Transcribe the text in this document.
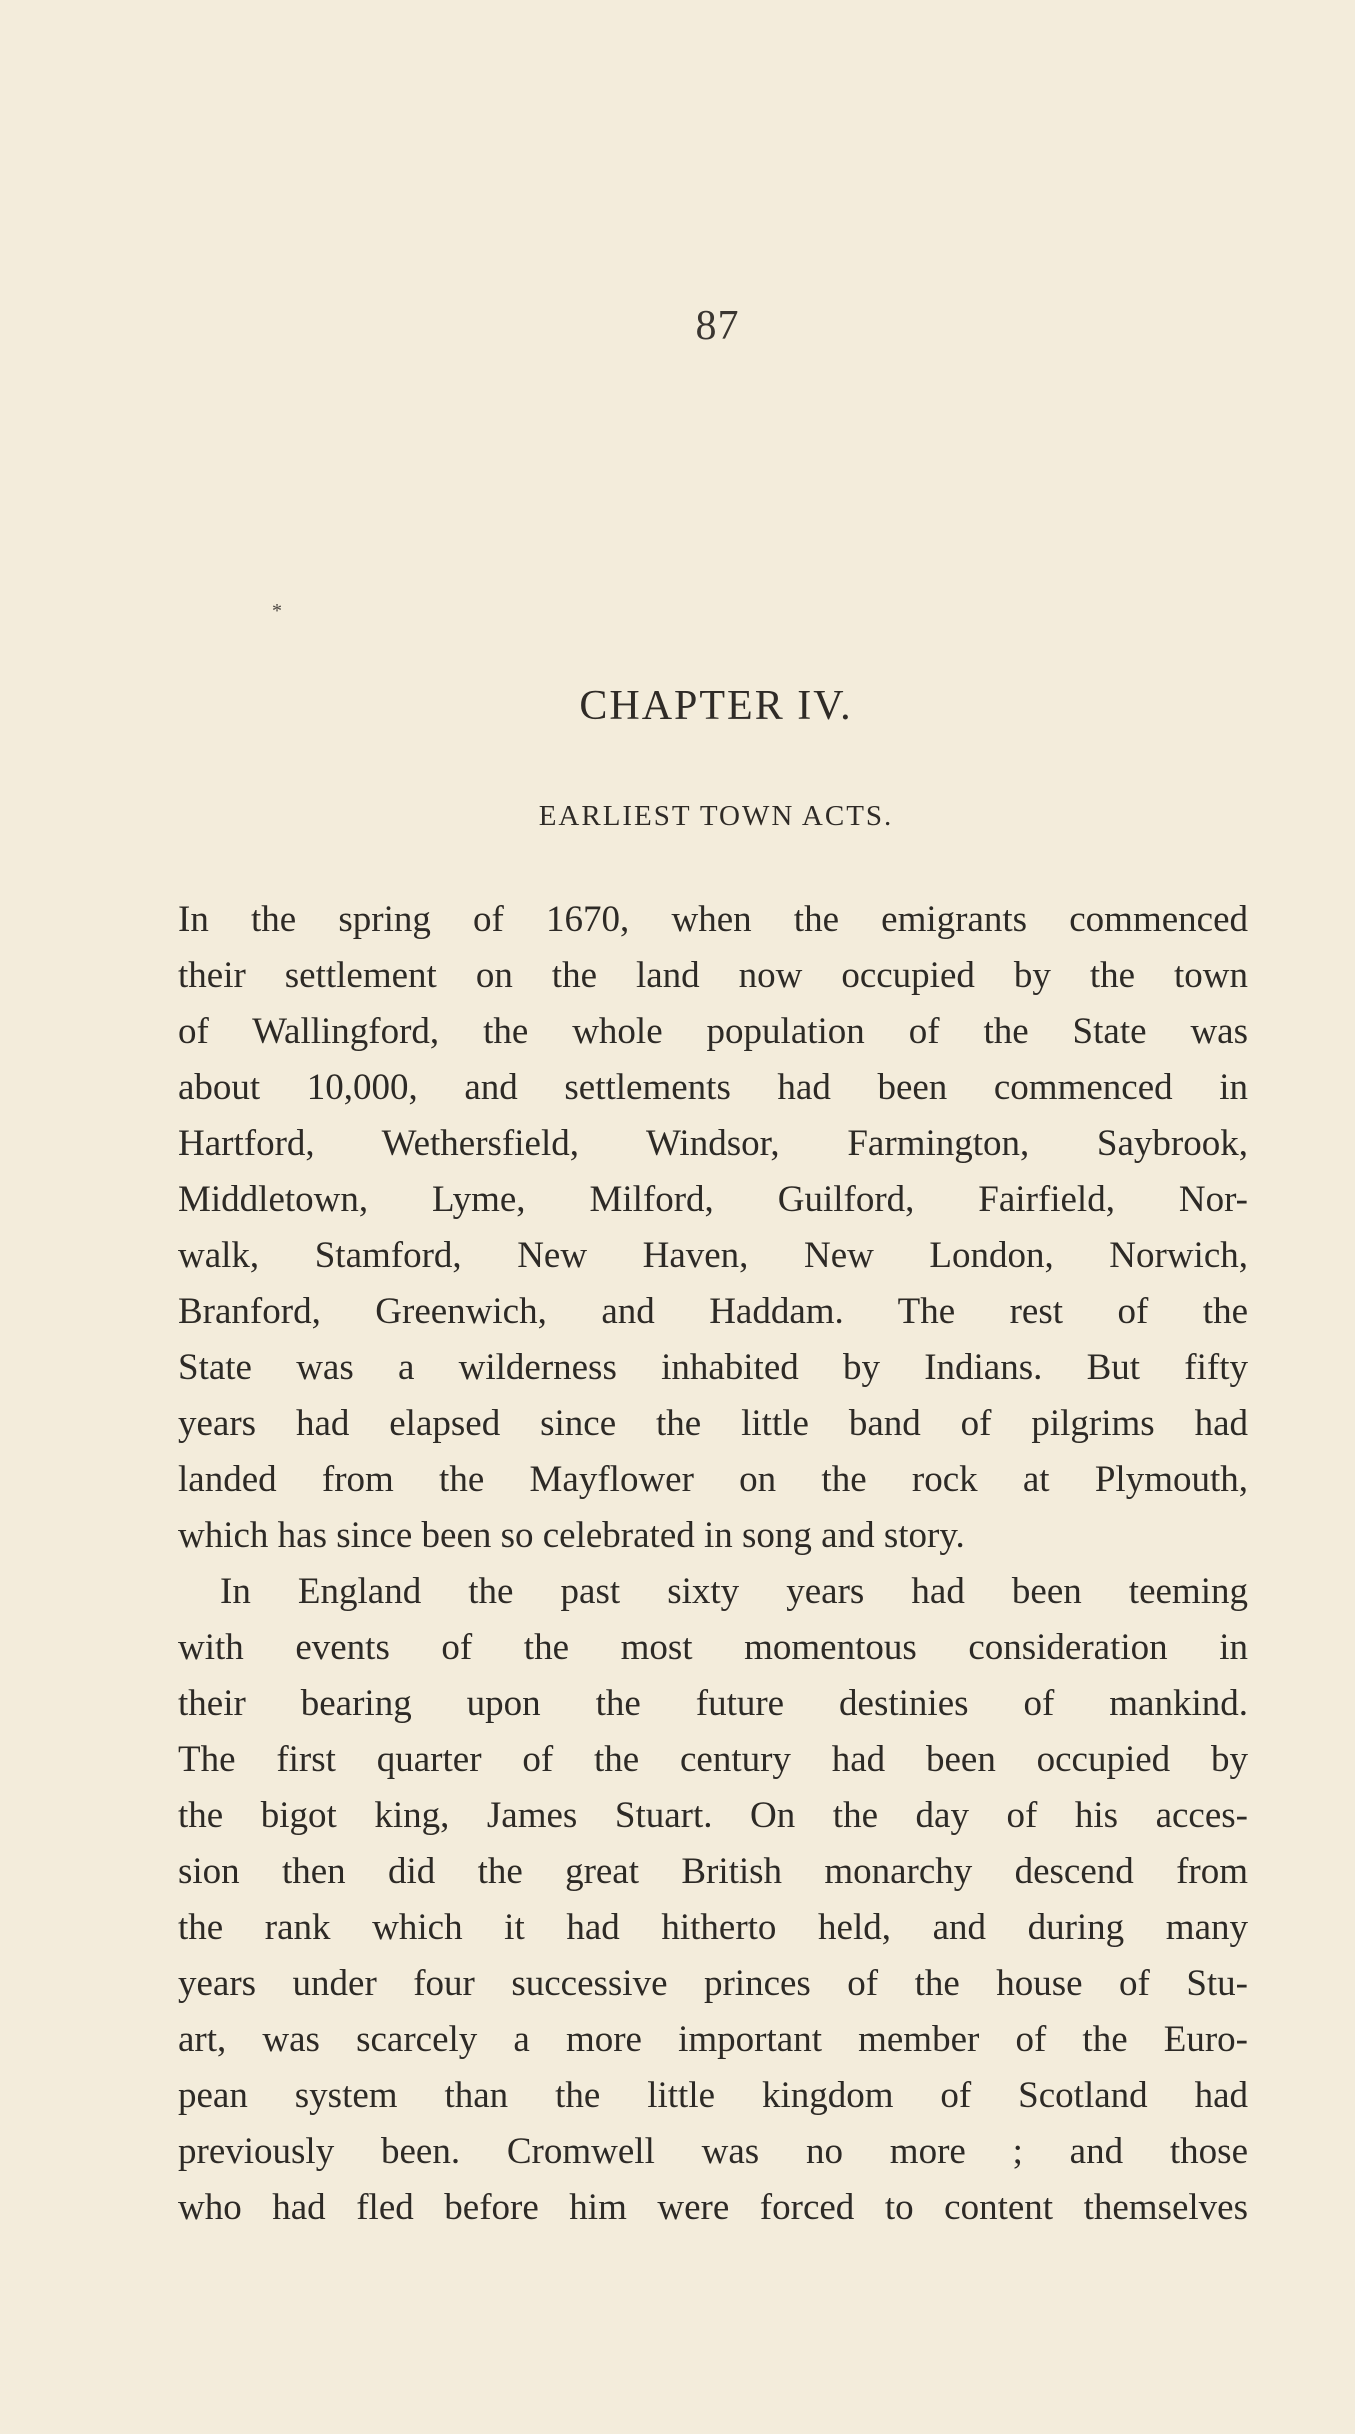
87
*
CHAPTER IV.
EARLIEST TOWN ACTS.
In the spring of 1670, when the emigrants commenced
their settlement on the land now occupied by the town
of Wallingford, the whole population of the State was
about 10,000, and settlements had been commenced in
Hartford, Wethersfield, Windsor, Farmington, Saybrook,
Middletown, Lyme, Milford, Guilford, Fairfield, Nor-
walk, Stamford, New Haven, New London, Norwich,
Branford, Greenwich, and Haddam. The rest of the
State was a wilderness inhabited by Indians. But fifty
years had elapsed since the little band of pilgrims had
landed from the Mayflower on the rock at Plymouth,
which has since been so celebrated in song and story.
In England the past sixty years had been teeming
with events of the most momentous consideration in
their bearing upon the future destinies of mankind.
The first quarter of the century had been occupied by
the bigot king, James Stuart. On the day of his acces-
sion then did the great British monarchy descend from
the rank which it had hitherto held, and during many
years under four successive princes of the house of Stu-
art, was scarcely a more important member of the Euro-
pean system than the little kingdom of Scotland had
previously been. Cromwell was no more ; and those
who had fled before him were forced to content themselves
